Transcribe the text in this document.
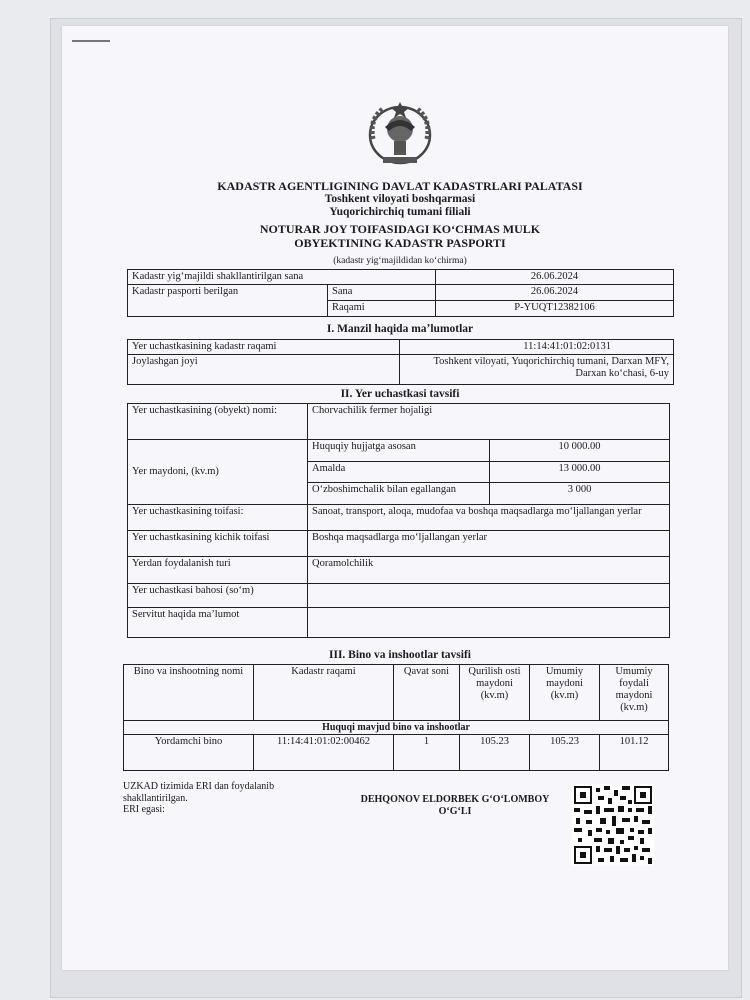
KADASTR AGENTLIGINING DAVLAT KADASTRLARI PALATASI
Toshkent viloyati boshqarmasi
Yuqorichirchiq tumani filiali
NOTURAR JOY TOIFASIDAGI KOʻCHMAS MULK
OBYEKTINING KADASTR PASPORTI
(kadastr yigʻmajildidan koʻchirma)
Kadastr yigʻmajildi shakllantirilgan sana		26.06.2024
Kadastr pasporti berilgan	Sana	26.06.2024
	Raqami	P-YUQT12382106
I. Manzil haqida maʼlumotlar
Yer uchastkasining kadastr raqami	11:14:41:01:02:0131
Joylashgan joyi	Toshkent viloyati, Yuqorichirchiq tumani, Darxan MFY, Darxan koʻchasi, 6-uy
II. Yer uchastkasi tavsifi
Yer uchastkasining (obyekt) nomi:	Chorvachilik fermer hojaligi	
Yer maydoni, (kv.m)	Huquqiy hujjatga asosan	10 000.00
	Amalda	13 000.00
	Oʻzboshimchalik bilan egallangan	3 000
Yer uchastkasining toifasi:	Sanoat, transport, aloqa, mudofaa va boshqa maqsadlarga moʻljallangan yerlar	
Yer uchastkasining kichik toifasi	Boshqa maqsadlarga moʻljallangan yerlar	
Yerdan foydalanish turi	Qoramolchilik	
Yer uchastkasi bahosi (soʻm)		
Servitut haqida maʼlumot		
III. Bino va inshootlar tavsifi
Bino va inshootning nomi	Kadastr raqami	Qavat soni	Qurilish osti maydoni (kv.m)	Umumiy maydoni (kv.m)	Umumiy foydali maydoni (kv.m)
Huquqi mavjud bino va inshootlar					
Yordamchi bino	11:14:41:01:02:00462	1	105.23	105.23	101.12
UZKAD tizimida ERI dan foydalanib shakllantirilgan.
ERI egasi:
DEHQONOV ELDORBEK GʻOʻLOMBOY
OʻGʻLI
